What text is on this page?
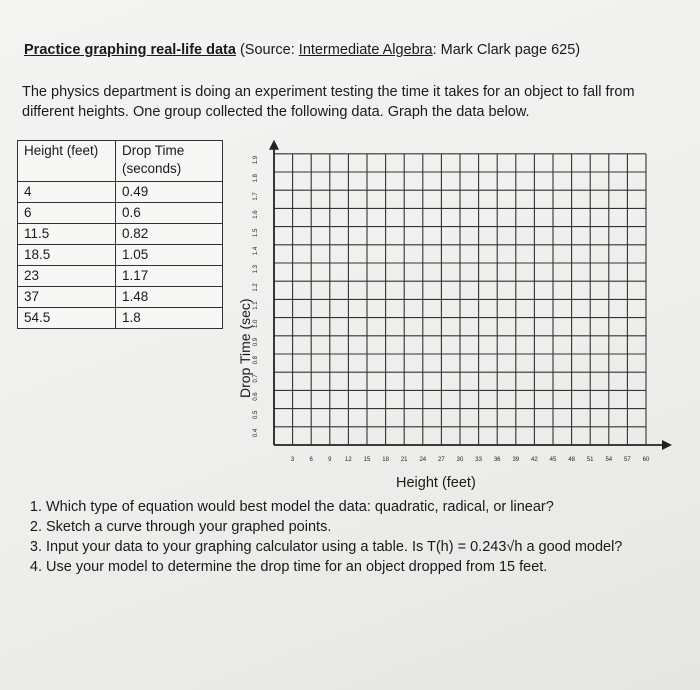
Practice graphing real-life data (Source: Intermediate Algebra: Mark Clark page 625)
The physics department is doing an experiment testing the time it takes for an object to fall from different heights. One group collected the following data. Graph the data below.
Height (feet)	Drop Time (seconds)
4	0.49
6	0.6
11.5	0.82
18.5	1.05
23	1.17
37	1.48
54.5	1.8
0.4
0.5
0.6
0.7
0.8
0.9
1.0
1.1
1.2
1.3
1.4
1.5
1.6
1.7
1.8
1.9
3	6	9 12 15 18 21 24 27 30 33 36 39 42 45 48 51 54 57 60
Drop Time (sec)
Height (feet)
1. Which type of equation would best model the data: quadratic, radical, or linear?
2. Sketch a curve through your graphed points.
3. Input your data to your graphing calculator using a table. Is T(h) = 0.243√h a good model?
4. Use your model to determine the drop time for an object dropped from 15 feet.
